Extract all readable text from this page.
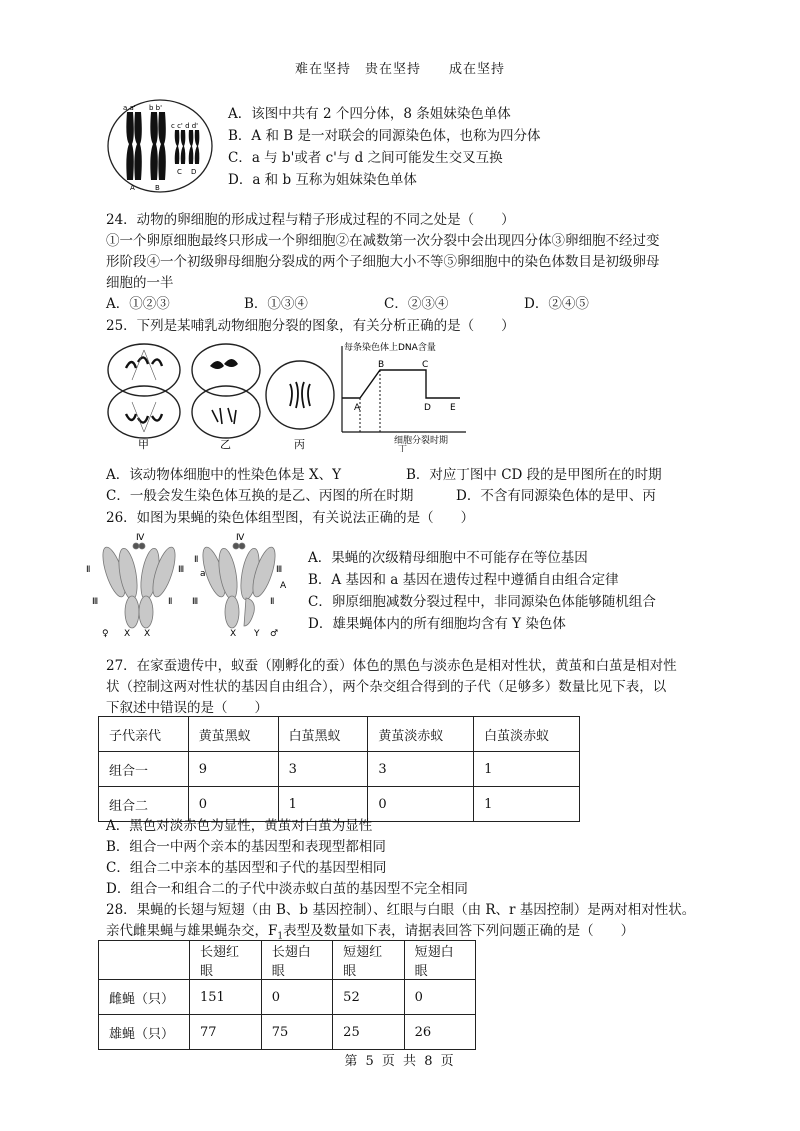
难在坚持　贵在坚持　　成在坚持
a a' b b'
c c' d d'
A	B
C D
A．该图中共有 2 个四分体，8 条姐妹染色单体
B．A 和 B 是一对联会的同源染色体，也称为四分体
C．a 与 b'或者 c'与 d 之间可能发生交叉互换
D．a 和 b 互称为姐妹染色单体
24．动物的卵细胞的形成过程与精子形成过程的不同之处是（　　）
①一个卵原细胞最终只形成一个卵细胞②在减数第一次分裂中会出现四分体③卵细胞不经过变
形阶段④一个初级卵母细胞分裂成的两个子细胞大小不等⑤卵细胞中的染色体数目是初级卵母
细胞的一半
A．①②③	B．①③④	C．②③④	D．②④⑤
25．下列是某哺乳动物细胞分裂的图象，有关分析正确的是（　　）
甲	乙	丙
每条染色体上DNA含量
A
B	C
D E
细胞分裂时期
丁
A．该动物体细胞中的性染色体是 X、Y	B．对应丁图中 CD 段的是甲图所在的时期
C．一般会发生染色体互换的是乙、丙图的所在时期	D．不含有同源染色体的是甲、丙
26．如图为果蝇的染色体组型图，有关说法正确的是（　　）
Ⅳ
Ⅱ	Ⅲ
Ⅲ	Ⅱ
♀ X X
Ⅳ
Ⅱ
a	Ⅲ
Ⅲ	Ⅱ
A
X Y ♂
A．果蝇的次级精母细胞中不可能存在等位基因
B．A 基因和 a 基因在遗传过程中遵循自由组合定律
C．卵原细胞减数分裂过程中，非同源染色体能够随机组合
D．雄果蝇体内的所有细胞均含有 Y 染色体
27．在家蚕遗传中，蚁蚕（刚孵化的蚕）体色的黑色与淡赤色是相对性状，黄茧和白茧是相对性
状（控制这两对性状的基因自由组合），两个杂交组合得到的子代（足够多）数量比见下表，以
下叙述中错误的是（　　）
子代亲代	黄茧黑蚁	白茧黑蚁	黄茧淡赤蚁	白茧淡赤蚁
组合一	9	3	3	1
组合二	0	1	0	1
A．黑色对淡赤色为显性，黄茧对白茧为显性
B．组合一中两个亲本的基因型和表现型都相同
C．组合二中亲本的基因型和子代的基因型相同
D．组合一和组合二的子代中淡赤蚁白茧的基因型不完全相同
28．果蝇的长翅与短翅（由 B、b 基因控制）、红眼与白眼（由 R、r 基因控制）是两对相对性状。
亲代雌果蝇与雄果蝇杂交，$F_1$表型及数量如下表，请据表回答下列问题正确的是（　　）
	长翅红眼	长翅白眼	短翅红眼	短翅白眼
雌蝇（只）	151	0	52	0
雄蝇（只）	77	75	25	26
第 5 页 共 8 页
